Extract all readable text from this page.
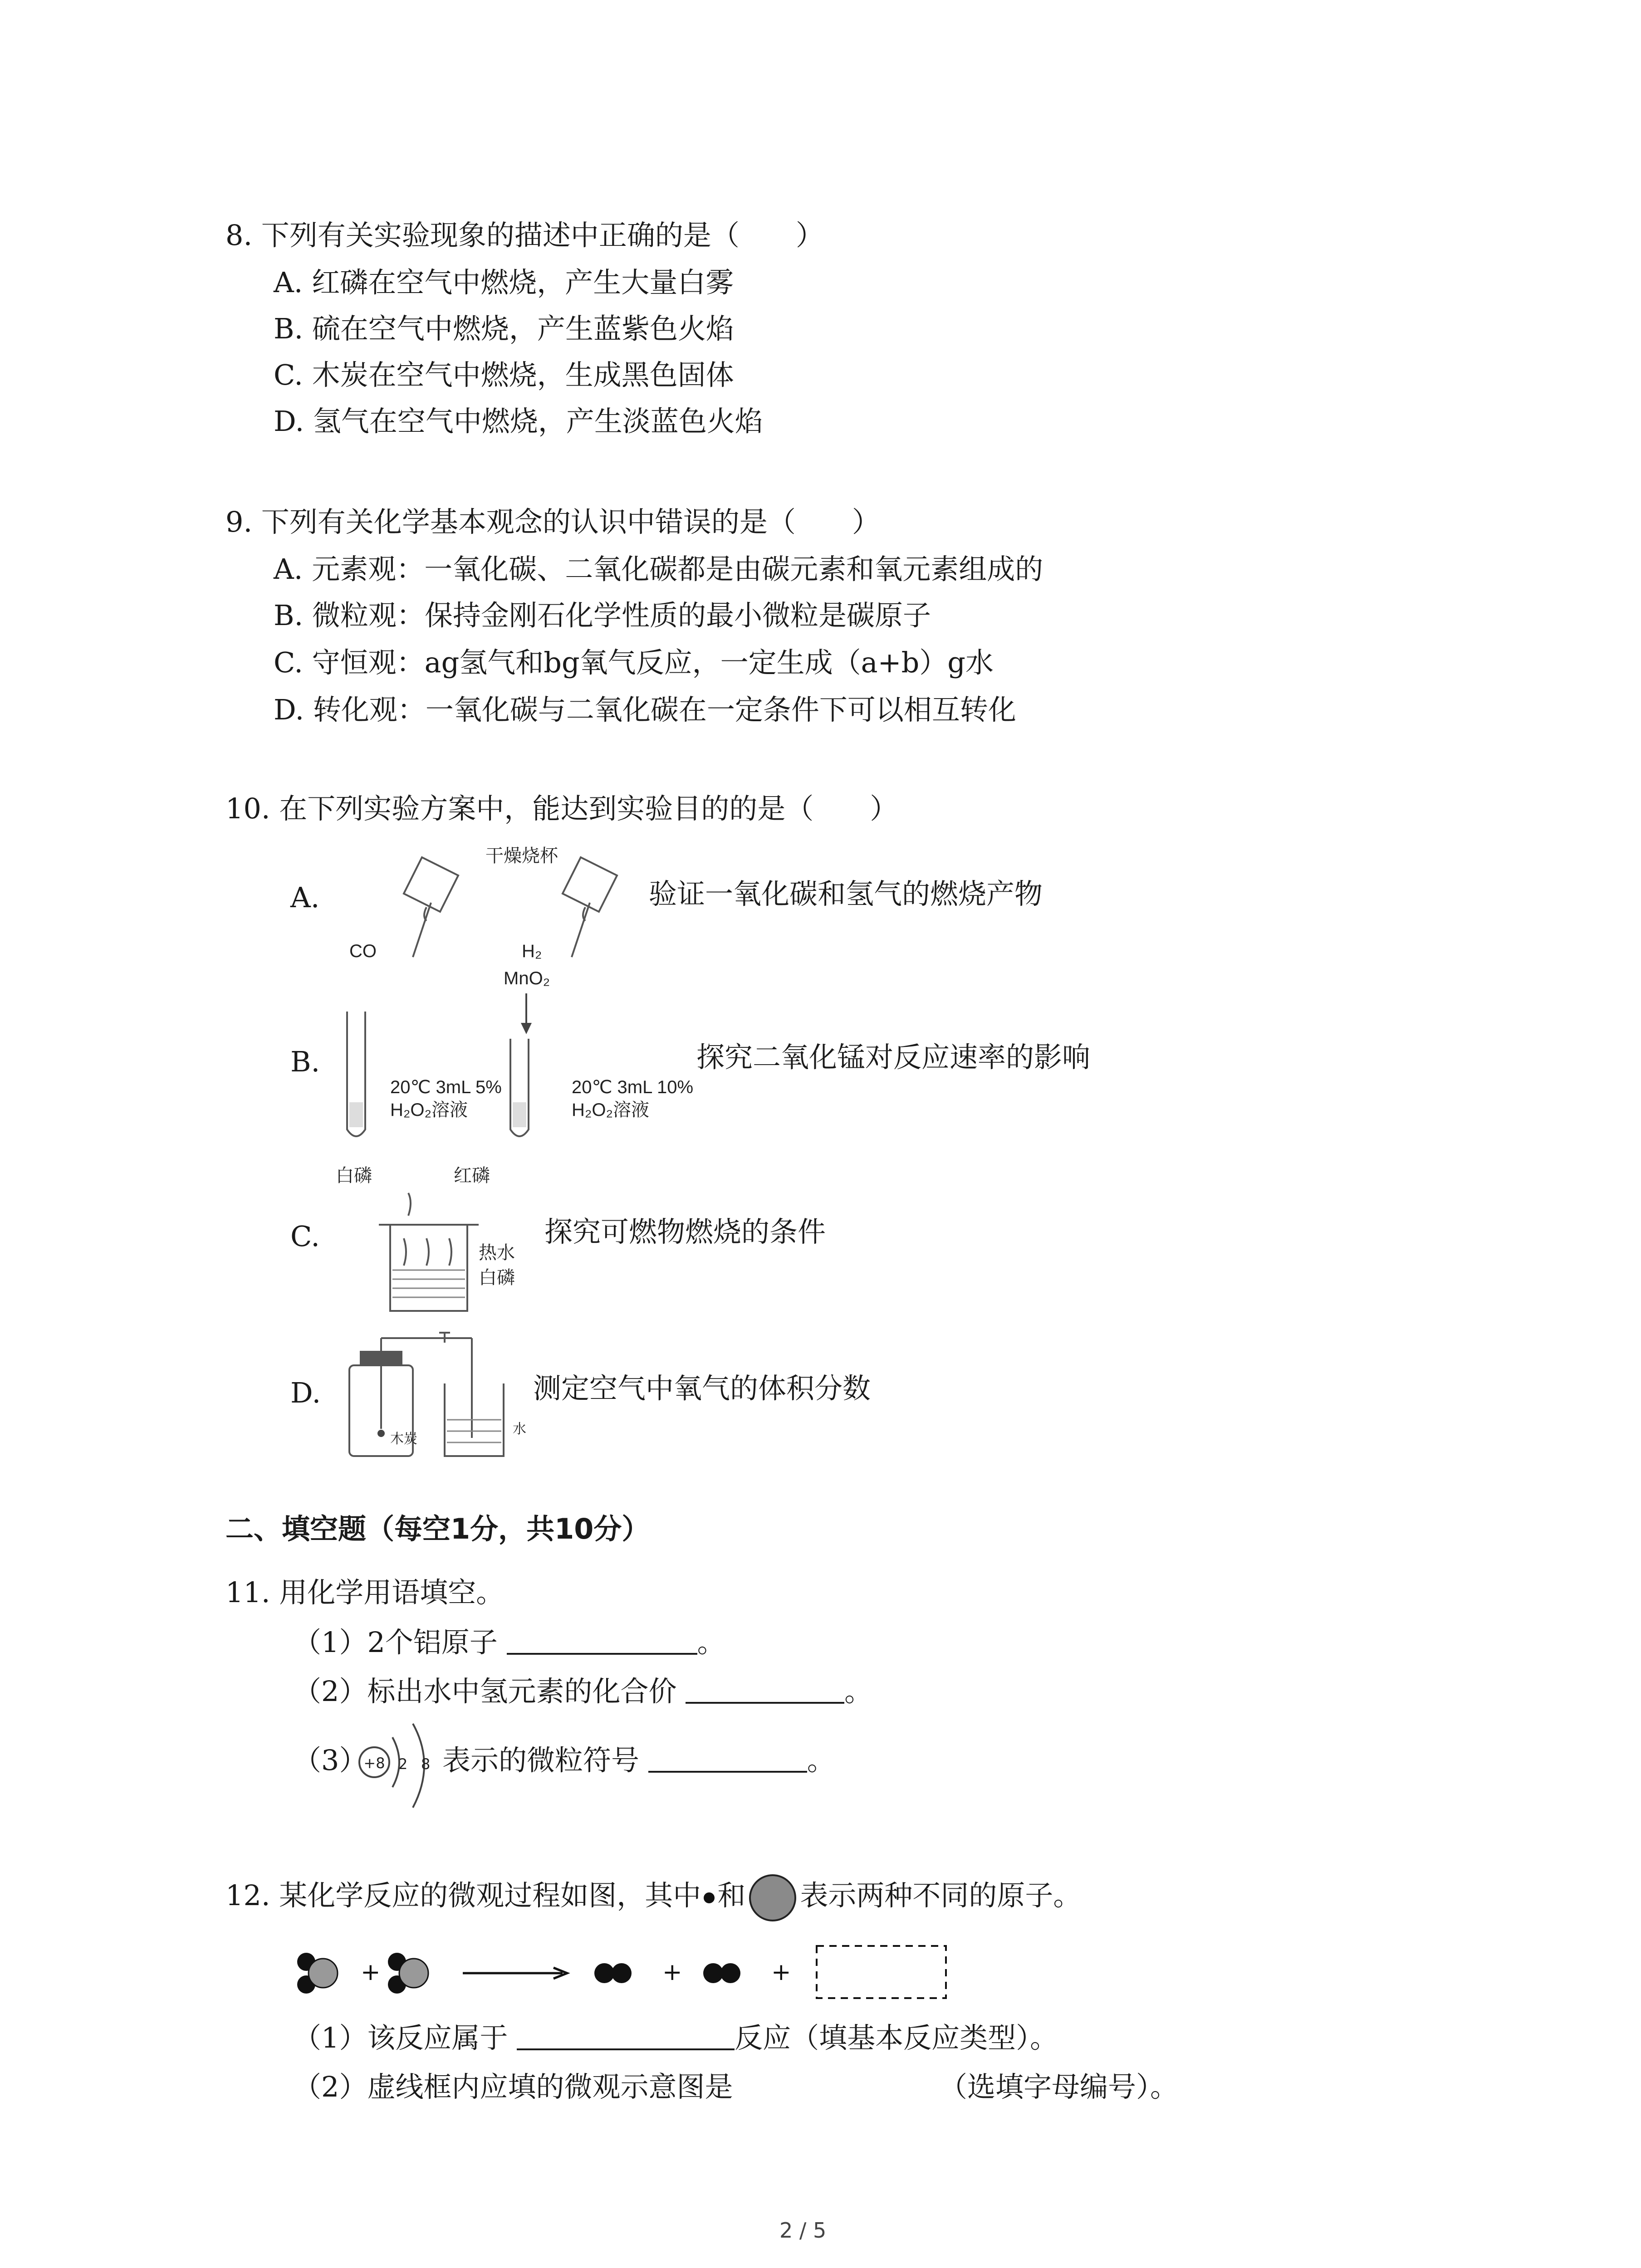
8. 下列有关实验现象的描述中正确的是（　　）
A. 红磷在空气中燃烧，产生大量白雾
B. 硫在空气中燃烧，产生蓝紫色火焰
C. 木炭在空气中燃烧，生成黑色固体
D. 氢气在空气中燃烧，产生淡蓝色火焰
9. 下列有关化学基本观念的认识中错误的是（　　）
A. 元素观：一氧化碳、二氧化碳都是由碳元素和氧元素组成的
B. 微粒观：保持金刚石化学性质的最小微粒是碳原子
C. 守恒观：ag氢气和bg氧气反应，一定生成（a+b）g水
D. 转化观：一氧化碳与二氧化碳在一定条件下可以相互转化
10. 在下列实验方案中，能达到实验目的的是（　　）
A.
干燥烧杯
CO	H₂
验证一氧化碳和氢气的燃烧产物
B.
MnO₂
20℃ 3mL 5%
H₂O₂溶液
20℃ 3mL 10%
H₂O₂溶液
探究二氧化锰对反应速率的影响
C.
白磷	红磷
热水
白磷
探究可燃物燃烧的条件
D.
木炭
水
测定空气中氧气的体积分数
二、填空题（每空1分，共10分）
11. 用化学用语填空。
（1）2个铝原子	。
（2）标出水中氢元素的化合价	。
（3）
+8 2 8 表示的微粒符号	。
12. 某化学反应的微观过程如图，其中 和 表示两种不同的原子。
+	+	+
（1）该反应属于	反应（填基本反应类型）。
（2）虚线框内应填的微观示意图是	（选填字母编号）。
2 / 5
